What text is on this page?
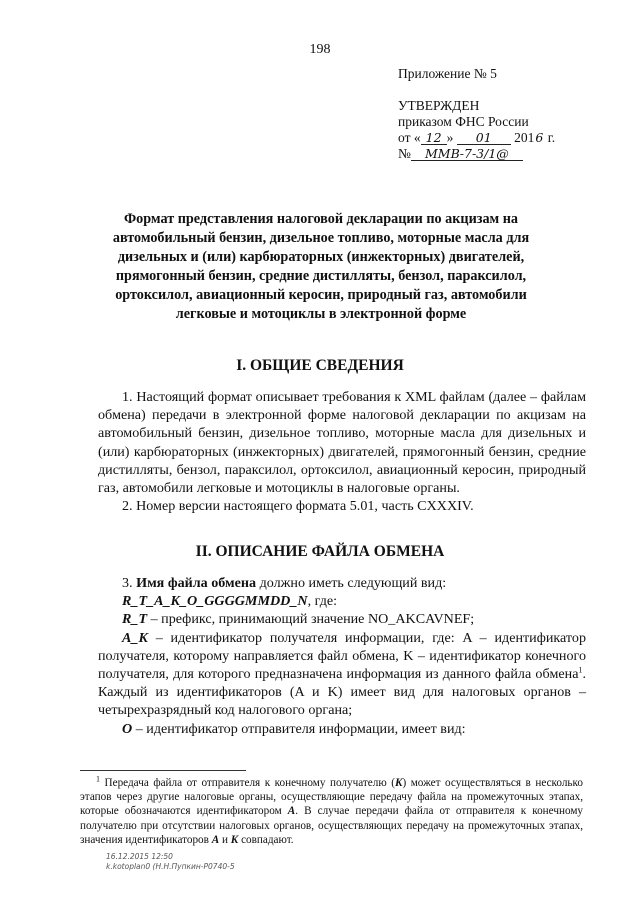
198
Приложение № 5
УТВЕРЖДЕН
приказом ФНС России
от « 12 » 01 2016 г.
№ ММВ-7-3/1@
Формат представления налоговой декларации по акцизам на автомобильный бензин, дизельное топливо, моторные масла для дизельных и (или) карбюраторных (инжекторных) двигателей, прямогонный бензин, средние дистилляты, бензол, параксилол, ортоксилол, авиационный керосин, природный газ, автомобили легковые и мотоциклы в электронной форме
I. ОБЩИЕ СВЕДЕНИЯ

1. Настоящий формат описывает требования к XML файлам (далее – файлам обмена) передачи в электронной форме налоговой декларации по акцизам на автомобильный бензин, дизельное топливо, моторные масла для дизельных и (или) карбюраторных (инжекторных) двигателей, прямогонный бензин, средние дистилляты, бензол, параксилол, ортоксилол, авиационный керосин, природный газ, автомобили легковые и мотоциклы в налоговые органы.

2. Номер версии настоящего формата 5.01, часть CXXXIV.

II. ОПИСАНИЕ ФАЙЛА ОБМЕНА

3. Имя файла обмена должно иметь следующий вид:

R_T_A_K_O_GGGGMMDD_N, где:

R_T – префикс, принимающий значение NO_AKCAVNEF;

A_K – идентификатор получателя информации, где: A – идентификатор получателя, которому направляется файл обмена, K – идентификатор конечного получателя, для которого предназначена информация из данного файла обмена$^1$. Каждый из идентификаторов (A и K) имеет вид для налоговых органов – четырехразрядный код налогового органа;

O – идентификатор отправителя информации, имеет вид:

$^1$ Передача файла от отправителя к конечному получателю (K) может осуществляться в несколько этапов через другие налоговые органы, осуществляющие передачу файла на промежуточных этапах, которые обозначаются идентификатором A. В случае передачи файла от отправителя к конечному получателю при отсутствии налоговых органов, осуществляющих передачу на промежуточных этапах, значения идентификаторов A и K совпадают.

16.12.2015 12:50
k.kotoplan0 (Н.Н.Пупкин-P0740-5
